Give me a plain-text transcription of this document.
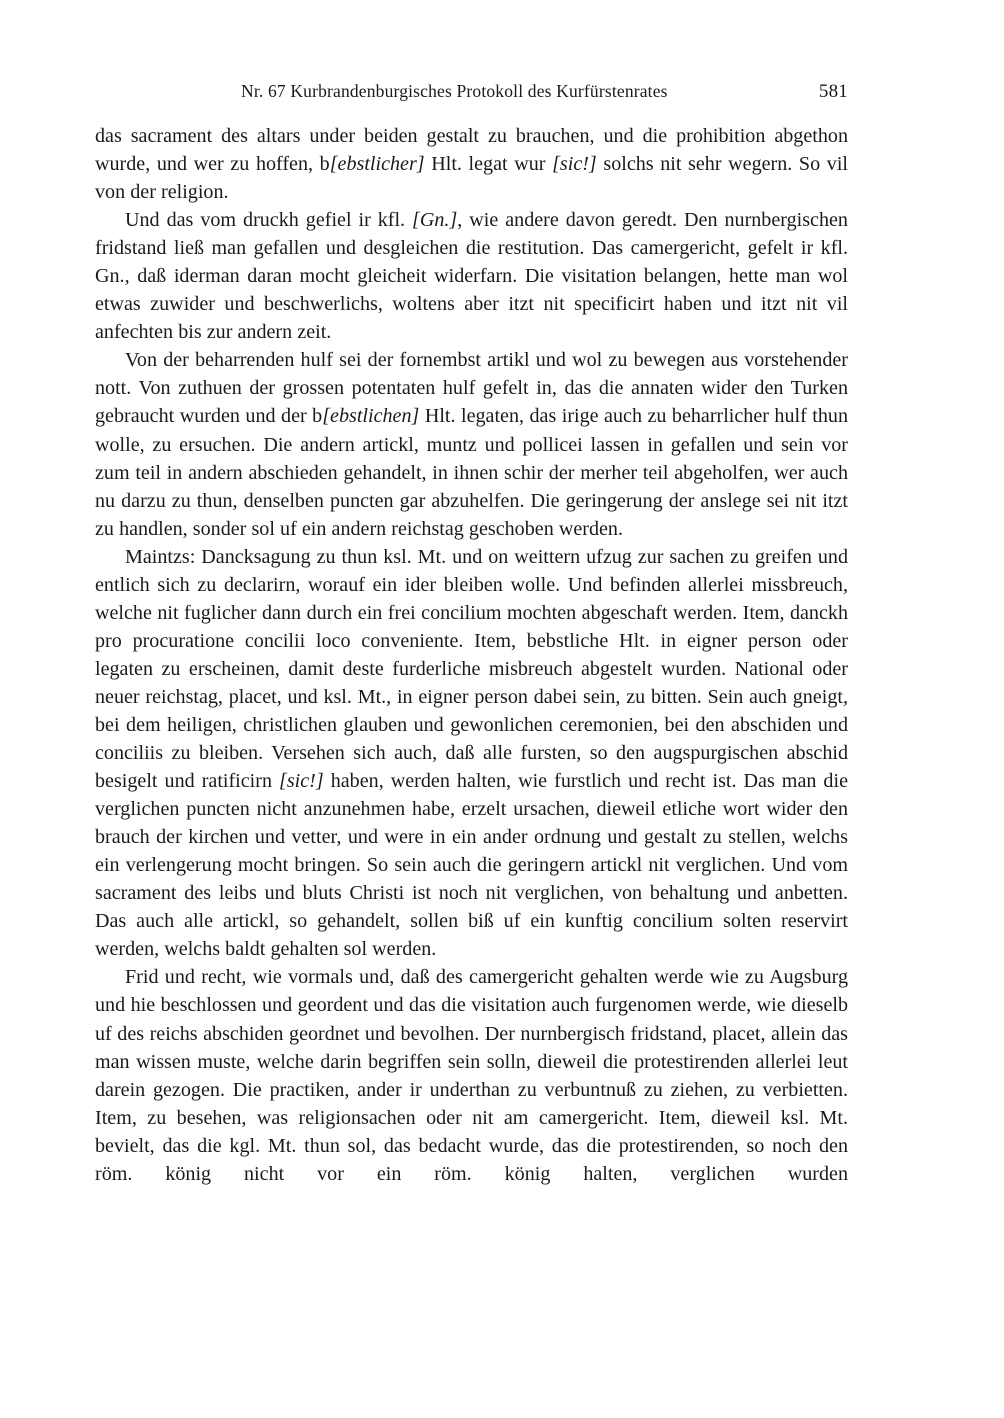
Nr. 67 Kurbrandenburgisches Protokoll des Kurfürstenrates	581

das sacrament des altars under beiden gestalt zu brauchen, und die prohibition abgethon wurde, und wer zu hoffen, b[ebstlicher] Hlt. legat wur [sic!] solchs nit sehr wegern. So vil von der religion.

Und das vom druckh gefiel ir kfl. [Gn.], wie andere davon geredt. Den nurnbergischen fridstand ließ man gefallen und desgleichen die restitution. Das camergericht, gefelt ir kfl. Gn., daß iderman daran mocht gleicheit widerfarn. Die visitation belangen, hette man wol etwas zuwider und beschwerlichs, woltens aber itzt nit specificirt haben und itzt nit vil anfechten bis zur andern zeit.

Von der beharrenden hulf sei der fornembst artikl und wol zu bewegen aus vorstehender nott. Von zuthuen der grossen potentaten hulf gefelt in, das die annaten wider den Turken gebraucht wurden und der b[ebstlichen] Hlt. legaten, das irige auch zu beharrlicher hulf thun wolle, zu ersuchen. Die andern artickl, muntz und pollicei lassen in gefallen und sein vor zum teil in andern abschieden gehandelt, in ihnen schir der merher teil abgeholfen, wer auch nu darzu zu thun, denselben puncten gar abzuhelfen. Die geringerung der anslege sei nit itzt zu handlen, sonder sol uf ein andern reichstag geschoben werden.

Maintzs: Dancksagung zu thun ksl. Mt. und on weittern ufzug zur sachen zu greifen und entlich sich zu declarirn, worauf ein ider bleiben wolle. Und befinden allerlei missbreuch, welche nit fuglicher dann durch ein frei concilium mochten abgeschaft werden. Item, danckh pro procuratione concilii loco conveniente. Item, bebstliche Hlt. in eigner person oder legaten zu erscheinen, damit deste furderliche misbreuch abgestelt wurden. National oder neuer reichstag, placet, und ksl. Mt., in eigner person dabei sein, zu bitten. Sein auch gneigt, bei dem heiligen, christlichen glauben und gewonlichen ceremonien, bei den abschiden und conciliis zu bleiben. Versehen sich auch, daß alle fursten, so den augspurgischen abschid besigelt und ratificirn [sic!] haben, werden halten, wie furstlich und recht ist. Das man die verglichen puncten nicht anzunehmen habe, erzelt ursachen, dieweil etliche wort wider den brauch der kirchen und vetter, und were in ein ander ordnung und gestalt zu stellen, welchs ein verlengerung mocht bringen. So sein auch die geringern artickl nit verglichen. Und vom sacrament des leibs und bluts Christi ist noch nit verglichen, von behaltung und anbetten. Das auch alle artickl, so gehandelt, sollen biß uf ein kunftig concilium solten reservirt werden, welchs baldt gehalten sol werden.

Frid und recht, wie vormals und, daß des camergericht gehalten werde wie zu Augsburg und hie beschlossen und geordent und das die visitation auch furgenomen werde, wie dieselb uf des reichs abschiden geordnet und bevolhen. Der nurnbergisch fridstand, placet, allein das man wissen muste, welche darin begriffen sein solln, dieweil die protestirenden allerlei leut darein gezogen. Die practiken, ander ir underthan zu verbuntnuß zu ziehen, zu verbietten. Item, zu besehen, was religionsachen oder nit am camergericht. Item, dieweil ksl. Mt. bevielt, das die kgl. Mt. thun sol, das bedacht wurde, das die protestirenden, so noch den röm. könig nicht vor ein röm. könig halten, verglichen wurden
